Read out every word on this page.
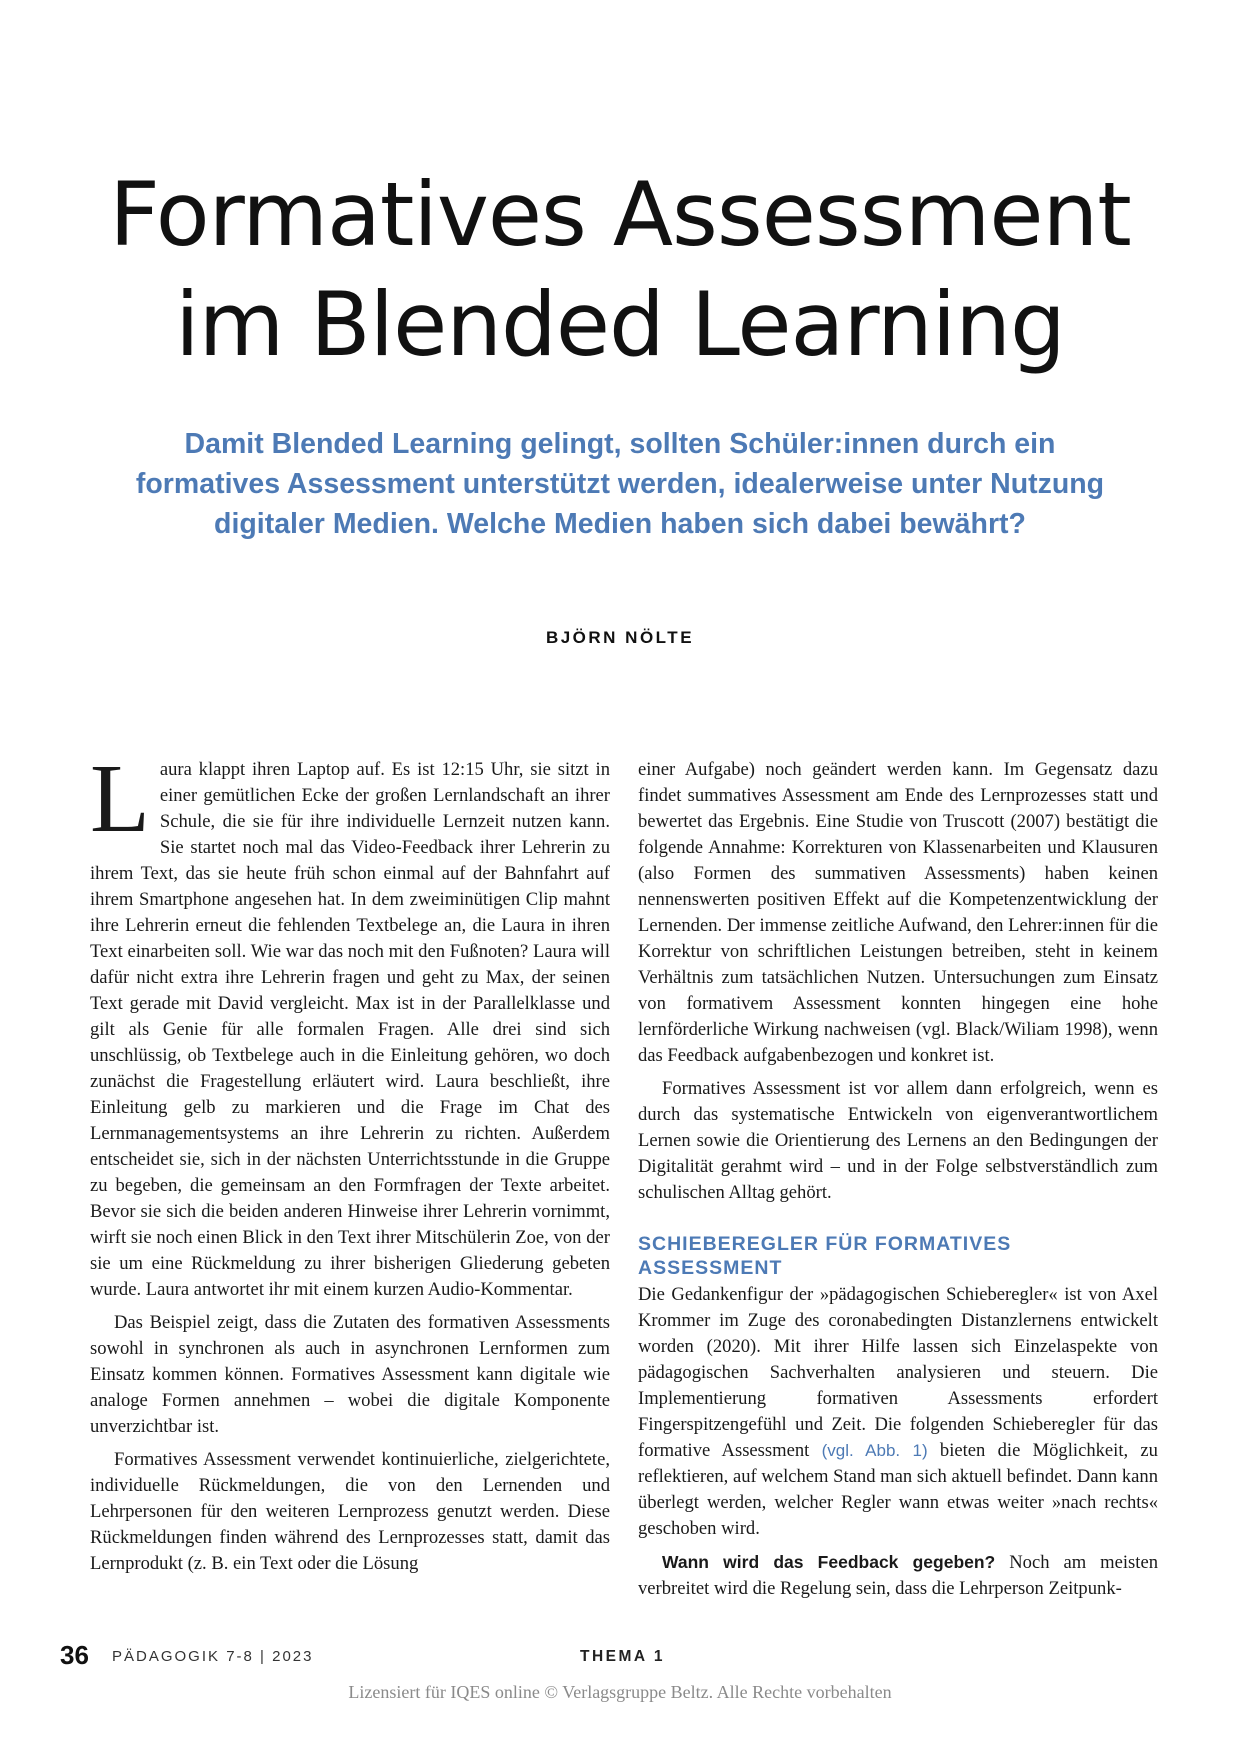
Formatives Assessment
im Blended Learning

Damit Blended Learning gelingt, sollten Schüler:innen durch ein formatives Assessment unterstützt werden, idealerweise unter Nutzung digitaler Medien. Welche Medien haben sich dabei bewährt?

BJÖRN NÖLTE

Laura klappt ihren Laptop auf. Es ist 12:15 Uhr, sie sitzt in einer gemütlichen Ecke der großen Lernlandschaft an ihrer Schule, die sie für ihre individuelle Lernzeit nutzen kann. Sie startet noch mal das Video-Feedback ihrer Lehrerin zu ihrem Text, das sie heute früh schon einmal auf der Bahnfahrt auf ihrem Smartphone angesehen hat. In dem zweiminütigen Clip mahnt ihre Lehrerin erneut die fehlenden Textbelege an, die Laura in ihren Text einarbeiten soll. Wie war das noch mit den Fußnoten? Laura will dafür nicht extra ihre Lehrerin fragen und geht zu Max, der seinen Text gerade mit David vergleicht. Max ist in der Parallelklasse und gilt als Genie für alle formalen Fragen. Alle drei sind sich unschlüssig, ob Textbelege auch in die Einleitung gehören, wo doch zunächst die Fragestellung erläutert wird. Laura beschließt, ihre Einleitung gelb zu markieren und die Frage im Chat des Lernmanagementsystems an ihre Lehrerin zu richten. Außerdem entscheidet sie, sich in der nächsten Unterrichtsstunde in die Gruppe zu begeben, die gemeinsam an den Formfragen der Texte arbeitet. Bevor sie sich die beiden anderen Hinweise ihrer Lehrerin vornimmt, wirft sie noch einen Blick in den Text ihrer Mitschülerin Zoe, von der sie um eine Rückmeldung zu ihrer bisherigen Gliederung gebeten wurde. Laura antwortet ihr mit einem kurzen Audio-Kommentar.

Das Beispiel zeigt, dass die Zutaten des formativen Assessments sowohl in synchronen als auch in asynchronen Lernformen zum Einsatz kommen können. Formatives Assessment kann digitale wie analoge Formen annehmen – wobei die digitale Komponente unverzichtbar ist.

Formatives Assessment verwendet kontinuierliche, zielgerichtete, individuelle Rückmeldungen, die von den Lernenden und Lehrpersonen für den weiteren Lernprozess genutzt werden. Diese Rückmeldungen finden während des Lernprozesses statt, damit das Lernprodukt (z. B. ein Text oder die Lösung

einer Aufgabe) noch geändert werden kann. Im Gegensatz dazu findet summatives Assessment am Ende des Lernprozesses statt und bewertet das Ergebnis. Eine Studie von Truscott (2007) bestätigt die folgende Annahme: Korrekturen von Klassenarbeiten und Klausuren (also Formen des summativen Assessments) haben keinen nennenswerten positiven Effekt auf die Kompetenzentwicklung der Lernenden. Der immense zeitliche Aufwand, den Lehrer:innen für die Korrektur von schriftlichen Leistungen betreiben, steht in keinem Verhältnis zum tatsächlichen Nutzen. Untersuchungen zum Einsatz von formativem Assessment konnten hingegen eine hohe lernförderliche Wirkung nachweisen (vgl. Black/Wiliam 1998), wenn das Feedback aufgabenbezogen und konkret ist.

Formatives Assessment ist vor allem dann erfolgreich, wenn es durch das systematische Entwickeln von eigenverantwortlichem Lernen sowie die Orientierung des Lernens an den Bedingungen der Digitalität gerahmt wird – und in der Folge selbstverständlich zum schulischen Alltag gehört.

SCHIEBEREGLER FÜR FORMATIVES ASSESSMENT

Die Gedankenfigur der »pädagogischen Schieberegler« ist von Axel Krommer im Zuge des coronabedingten Distanzlernens entwickelt worden (2020). Mit ihrer Hilfe lassen sich Einzelaspekte von pädagogischen Sachverhalten analysieren und steuern. Die Implementierung formativen Assessments erfordert Fingerspitzengefühl und Zeit. Die folgenden Schieberegler für das formative Assessment (vgl. Abb. 1) bieten die Möglichkeit, zu reflektieren, auf welchem Stand man sich aktuell befindet. Dann kann überlegt werden, welcher Regler wann etwas weiter »nach rechts« geschoben wird.

Wann wird das Feedback gegeben? Noch am meisten verbreitet wird die Regelung sein, dass die Lehrperson Zeitpunk-

36 PÄDAGOGIK 7-8 | 2023	THEMA 1
Lizensiert für IQES online © Verlagsgruppe Beltz. Alle Rechte vorbehalten
